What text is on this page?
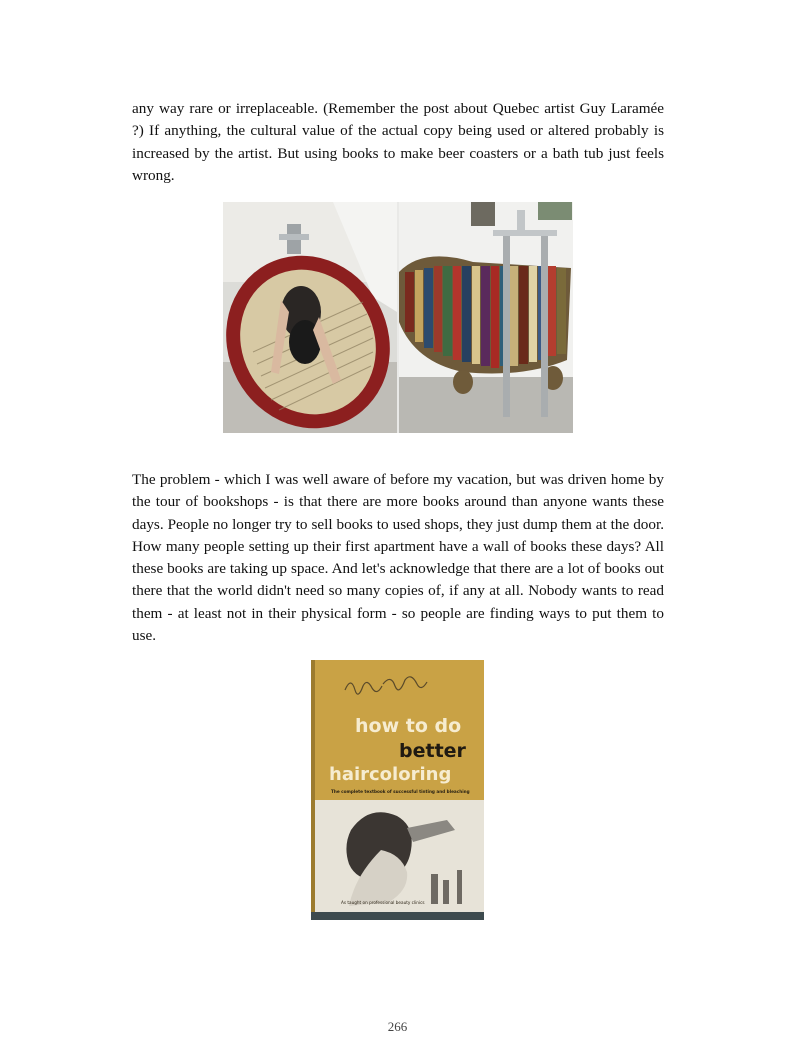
any way rare or irreplaceable. (Remember the post about Quebec artist Guy Laramée ?) If anything, the cultural value of the actual copy being used or altered probably is increased by the artist. But using books to make beer coasters or a bath tub just feels wrong.

The problem - which I was well aware of before my vacation, but was driven home by the tour of bookshops - is that there are more books around than anyone wants these days. People no longer try to sell books to used shops, they just dump them at the door. How many people setting up their first apartment have a wall of books these days? All these books are taking up space. And let's acknowledge that there are a lot of books out there that the world didn't need so many copies of, if any at all. Nobody wants to read them - at least not in their physical form - so people are finding ways to put them to use.

how to do
better
haircoloring
The complete textbook of successful tinting and bleaching
As taught on professional beauty clinics
266
